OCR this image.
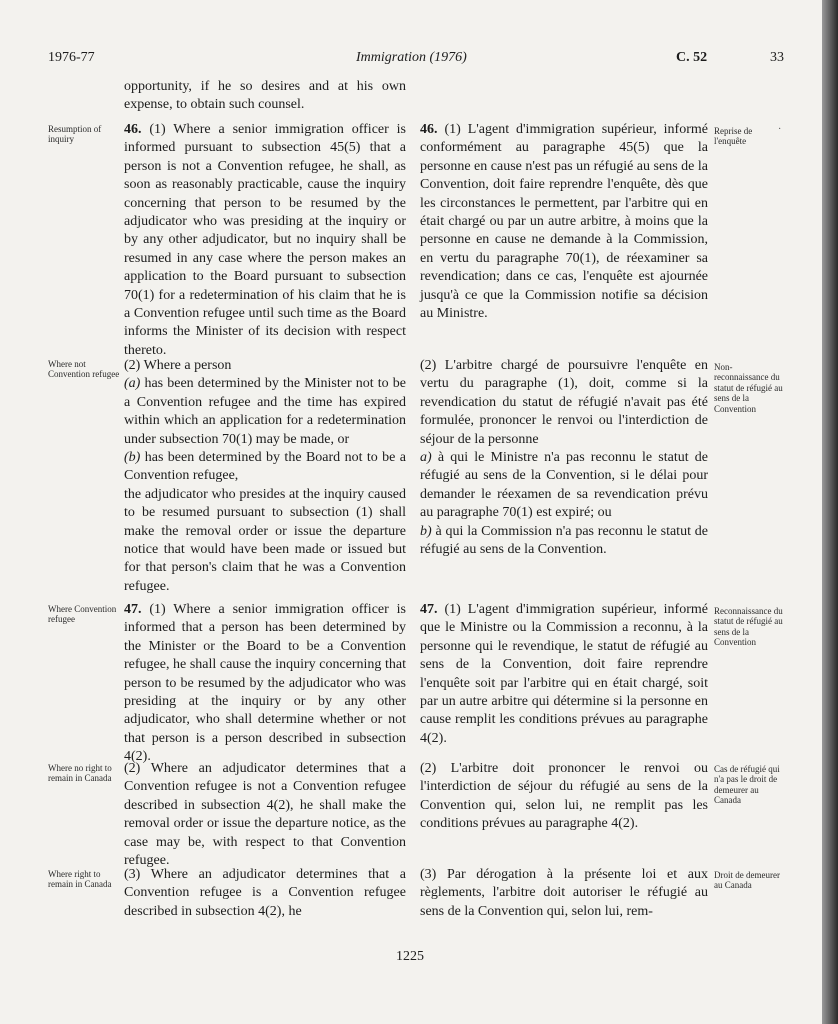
1976-77	Immigration (1976)	C. 52	33

opportunity, if he so desires and at his own expense, to obtain such counsel.

46. (1) Where a senior immigration officer is informed pursuant to subsection 45(5) that a person is not a Convention refugee, he shall, as soon as reasonably practicable, cause the inquiry concerning that person to be resumed by the adjudicator who was presiding at the inquiry or by any other adjudicator, but no inquiry shall be resumed in any case where the person makes an application to the Board pursuant to subsection 70(1) for a redetermination of his claim that he is a Convention refugee until such time as the Board informs the Minister of its decision with respect thereto.

(2) Where a person

(a) has been determined by the Minister not to be a Convention refugee and the time has expired within which an application for a redetermination under subsection 70(1) may be made, or

(b) has been determined by the Board not to be a Convention refugee,

the adjudicator who presides at the inquiry caused to be resumed pursuant to subsection (1) shall make the removal order or issue the departure notice that would have been made or issued but for that person's claim that he was a Convention refugee.

47. (1) Where a senior immigration officer is informed that a person has been determined by the Minister or the Board to be a Convention refugee, he shall cause the inquiry concerning that person to be resumed by the adjudicator who was presiding at the inquiry or by any other adjudicator, who shall determine whether or not that person is a person described in subsection 4(2).

(2) Where an adjudicator determines that a Convention refugee is not a Convention refugee described in subsection 4(2), he shall make the removal order or issue the departure notice, as the case may be, with respect to that Convention refugee.

(3) Where an adjudicator determines that a Convention refugee is a Convention refugee described in subsection 4(2), he

46. (1) L'agent d'immigration supérieur, informé conformément au paragraphe 45(5) que la personne en cause n'est pas un réfugié au sens de la Convention, doit faire reprendre l'enquête, dès que les circonstances le permettent, par l'arbitre qui en était chargé ou par un autre arbitre, à moins que la personne en cause ne demande à la Commission, en vertu du paragraphe 70(1), de réexaminer sa revendication; dans ce cas, l'enquête est ajournée jusqu'à ce que la Commission notifie sa décision au Ministre.

(2) L'arbitre chargé de poursuivre l'enquête en vertu du paragraphe (1), doit, comme si la revendication du statut de réfugié n'avait pas été formulée, prononcer le renvoi ou l'interdiction de séjour de la personne

a) à qui le Ministre n'a pas reconnu le statut de réfugié au sens de la Convention, si le délai pour demander le réexamen de sa revendication prévu au paragraphe 70(1) est expiré; ou

b) à qui la Commission n'a pas reconnu le statut de réfugié au sens de la Convention.

47. (1) L'agent d'immigration supérieur, informé que le Ministre ou la Commission a reconnu, à la personne qui le revendique, le statut de réfugié au sens de la Convention, doit faire reprendre l'enquête soit par l'arbitre qui en était chargé, soit par un autre arbitre qui détermine si la personne en cause remplit les conditions prévues au paragraphe 4(2).

(2) L'arbitre doit prononcer le renvoi ou l'interdiction de séjour du réfugié au sens de la Convention qui, selon lui, ne remplit pas les conditions prévues au paragraphe 4(2).

(3) Par dérogation à la présente loi et aux règlements, l'arbitre doit autoriser le réfugié au sens de la Convention qui, selon lui, rem-

Resumption of inquiry

Where not Convention refugee

Where Convention refugee

Where no right to remain in Canada

Where right to remain in Canada

Reprise de l'enquête

·

Non-reconnaissance du statut de réfugié au sens de la Convention

Reconnaissance du statut de réfugié au sens de la Convention

Cas de réfugié qui n'a pas le droit de demeurer au Canada

Droit de demeurer au Canada

1225
